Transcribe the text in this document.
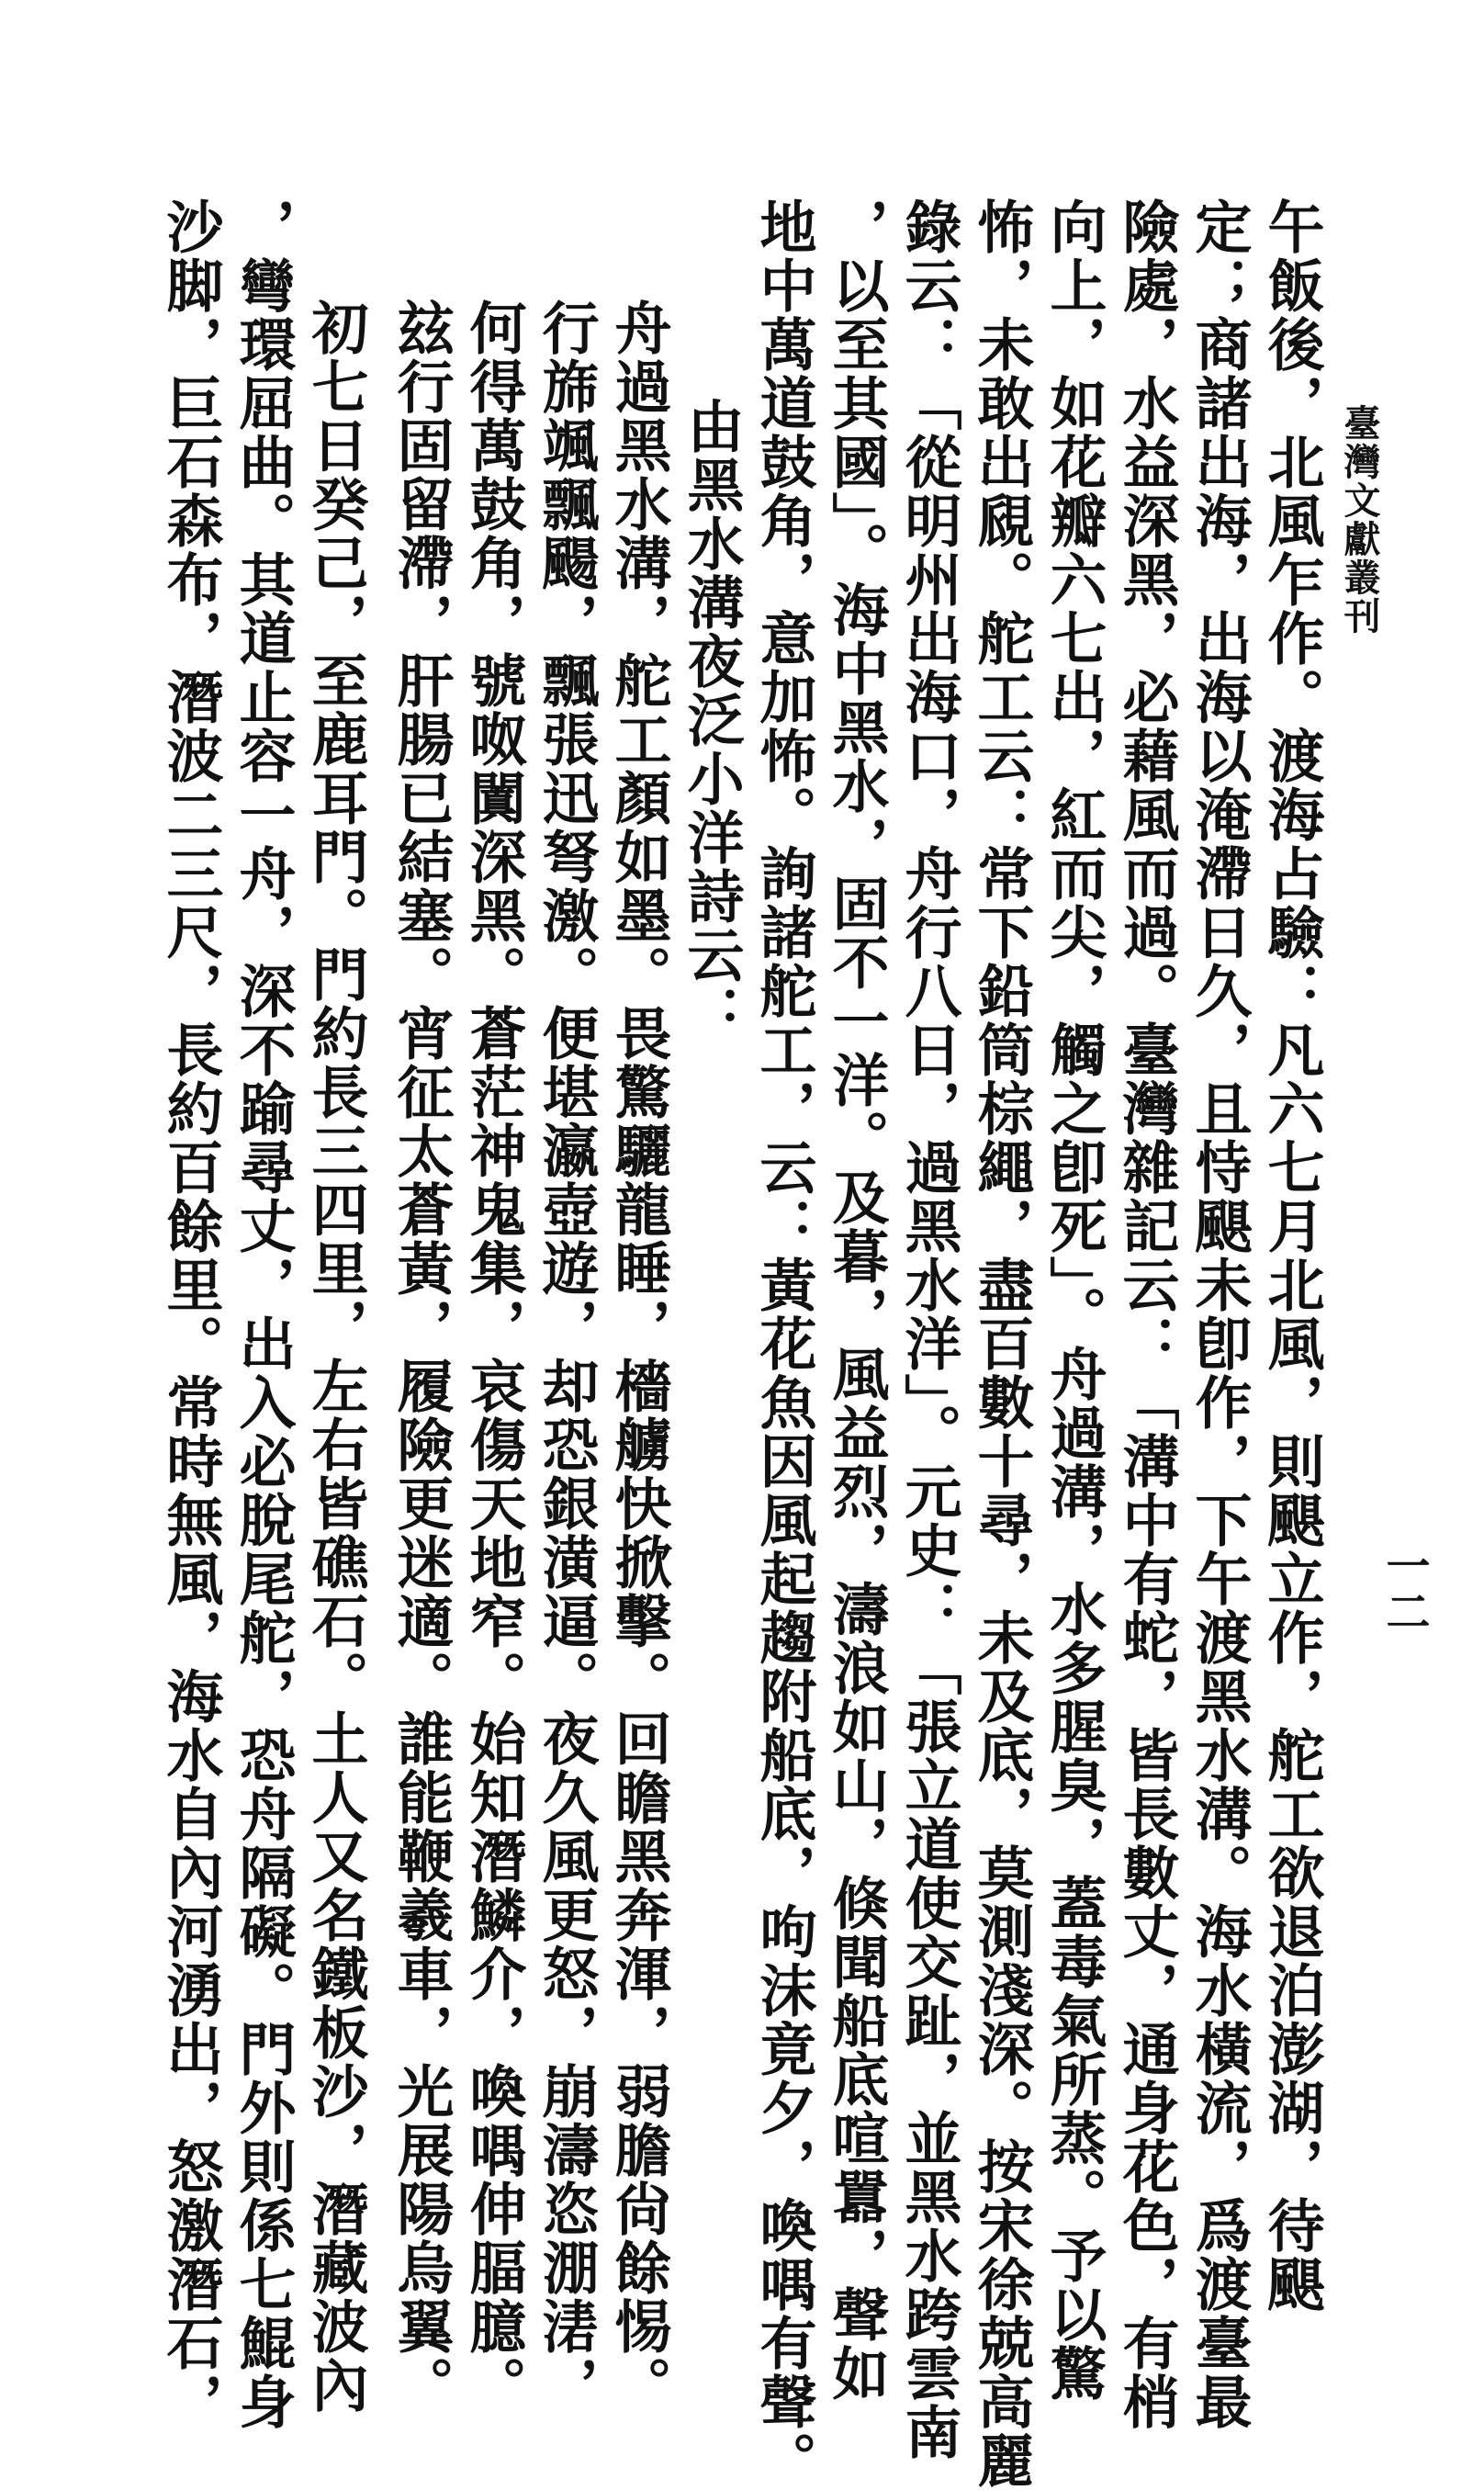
臺灣文獻叢刊
一二
午飯後，北風乍作。渡海占驗：凡六七月北風，則颶立作，舵工欲退泊澎湖，待颶
定；商諸出海，出海以淹滯日久，且恃颶未卽作，下午渡黑水溝。海水橫流，爲渡臺最
險處，水益深黑，必藉風而過。臺灣雜記云：「溝中有蛇，皆長數丈，通身花色，有梢
向上，如花瓣六七出，紅而尖，觸之卽死」。舟過溝，水多腥臭，蓋毒氣所蒸。予以驚
怖，未敢出覛。舵工云：常下鉛筒棕繩，盡百數十尋，未及底，莫測淺深。按宋徐兢高麗
錄云：「從明州出海口，舟行八日，過黑水洋」。元史：「張立道使交趾，並黑水跨雲南
，以至其國」。海中黑水，固不一洋。及暮，風益烈，濤浪如山，倏聞船底喧囂，聲如
地中萬道鼓角，意加怖。詢諸舵工，云：黃花魚因風起趨附船底，呴沫竟夕，喚喁有聲。
由黑水溝夜泛小洋詩云：
舟過黑水溝，舵工顏如墨。畏驚驪龍睡，檣艣快掀擊。回瞻黑奔渾，弱膽尙餘惕。
行旆颯飄颺，飄張迅弩激。便堪瀛壺遊，却恐銀潢逼。夜久風更怒，崩濤恣淜湱，
何得萬鼓角，號呶闐深黑。蒼茫神鬼集，哀傷天地窄。始知潛鱗介，喚喁伸腷臆。
玆行固留滯，肝腸已結塞。宵征太蒼黃，履險更迷適。誰能鞭羲車，光展陽烏翼。
初七日癸己，至鹿耳門。門約長三四里，左右皆礁石。土人又名鐵板沙，潛藏波內
，彎環屈曲。其道止容一舟，深不踰尋丈，出入必脫尾舵，恐舟隔礙。門外則係七鯤身
沙脚，巨石森布，潛波二三尺，長約百餘里。常時無風，海水自內河湧出，怒激潛石，
